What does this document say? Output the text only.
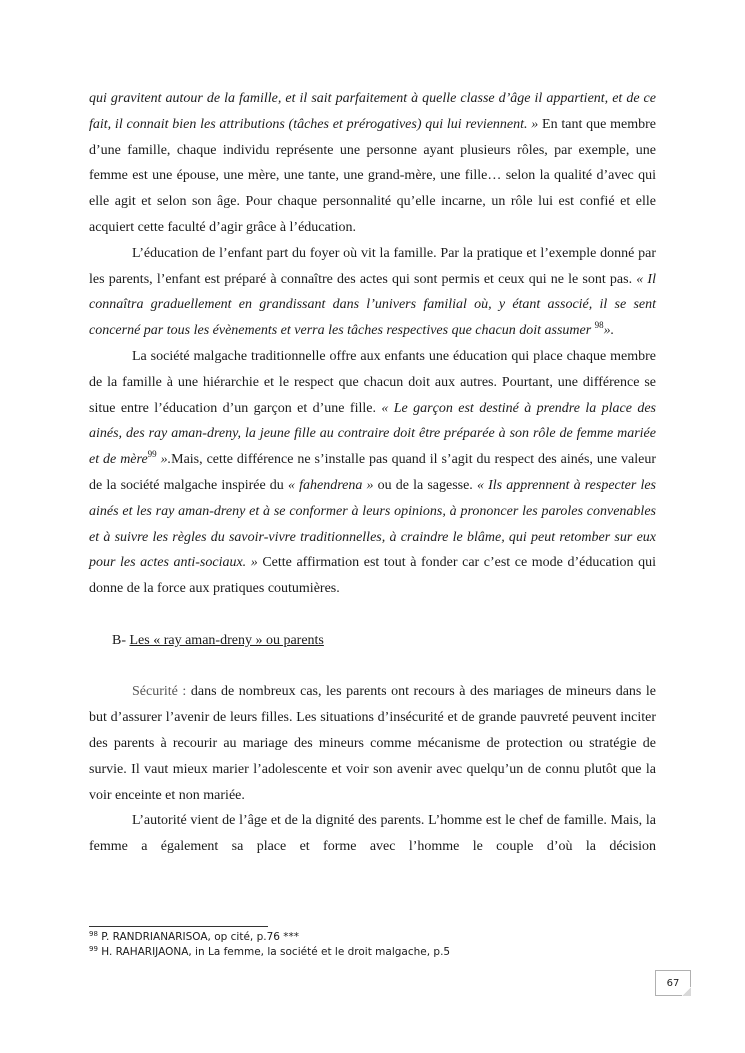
qui gravitent autour de la famille, et il sait parfaitement à quelle classe d’âge il appartient, et de ce fait, il connait bien les attributions (tâches et prérogatives) qui lui reviennent. » En tant que membre d’une famille, chaque individu représente une personne ayant plusieurs rôles, par exemple, une femme est une épouse, une mère, une tante, une grand-mère, une fille… selon la qualité d’avec qui elle agit et selon son âge. Pour chaque personnalité qu’elle incarne, un rôle lui est confié et elle acquiert cette faculté d’agir grâce à l’éducation.

L’éducation de l’enfant part du foyer où vit la famille. Par la pratique et l’exemple donné par les parents, l’enfant est préparé à connaître des actes qui sont permis et ceux qui ne le sont pas. « Il connaîtra graduellement en grandissant dans l’univers familial où, y étant associé, il se sent concerné par tous les évènements et verra les tâches respectives que chacun doit assumer $^{98}$».

La société malgache traditionnelle offre aux enfants une éducation qui place chaque membre de la famille à une hiérarchie et le respect que chacun doit aux autres. Pourtant, une différence se situe entre l’éducation d’un garçon et d’une fille. « Le garçon est destiné à prendre la place des ainés, des ray aman-dreny, la jeune fille au contraire doit être préparée à son rôle de femme mariée et de mère$^{99}$ ».Mais, cette différence ne s’installe pas quand il s’agit du respect des ainés, une valeur de la société malgache inspirée du « fahendrena » ou de la sagesse. « Ils apprennent à respecter les ainés et les ray aman-dreny et à se conformer à leurs opinions, à prononcer les paroles convenables et à suivre les règles du savoir-vivre traditionnelles, à craindre le blâme, qui peut retomber sur eux pour les actes anti-sociaux. » Cette affirmation est tout à fonder car c’est ce mode d’éducation qui donne de la force aux pratiques coutumières.

B- Les « ray aman-dreny » ou parents

Sécurité : dans de nombreux cas, les parents ont recours à des mariages de mineurs dans le but d’assurer l’avenir de leurs filles. Les situations d’insécurité et de grande pauvreté peuvent inciter des parents à recourir au mariage des mineurs comme mécanisme de protection ou stratégie de survie. Il vaut mieux marier l’adolescente et voir son avenir avec quelqu’un de connu plutôt que la voir enceinte et non mariée.

L’autorité vient de l’âge et de la dignité des parents. L’homme est le chef de famille. Mais, la femme a également sa place et forme avec l’homme le couple d’où la décision

$^{98}$ P. RANDRIANARISOA, op cité, p.76 ***

$^{99}$ H. RAHARIJAONA, in La femme, la société et le droit malgache, p.5

67
